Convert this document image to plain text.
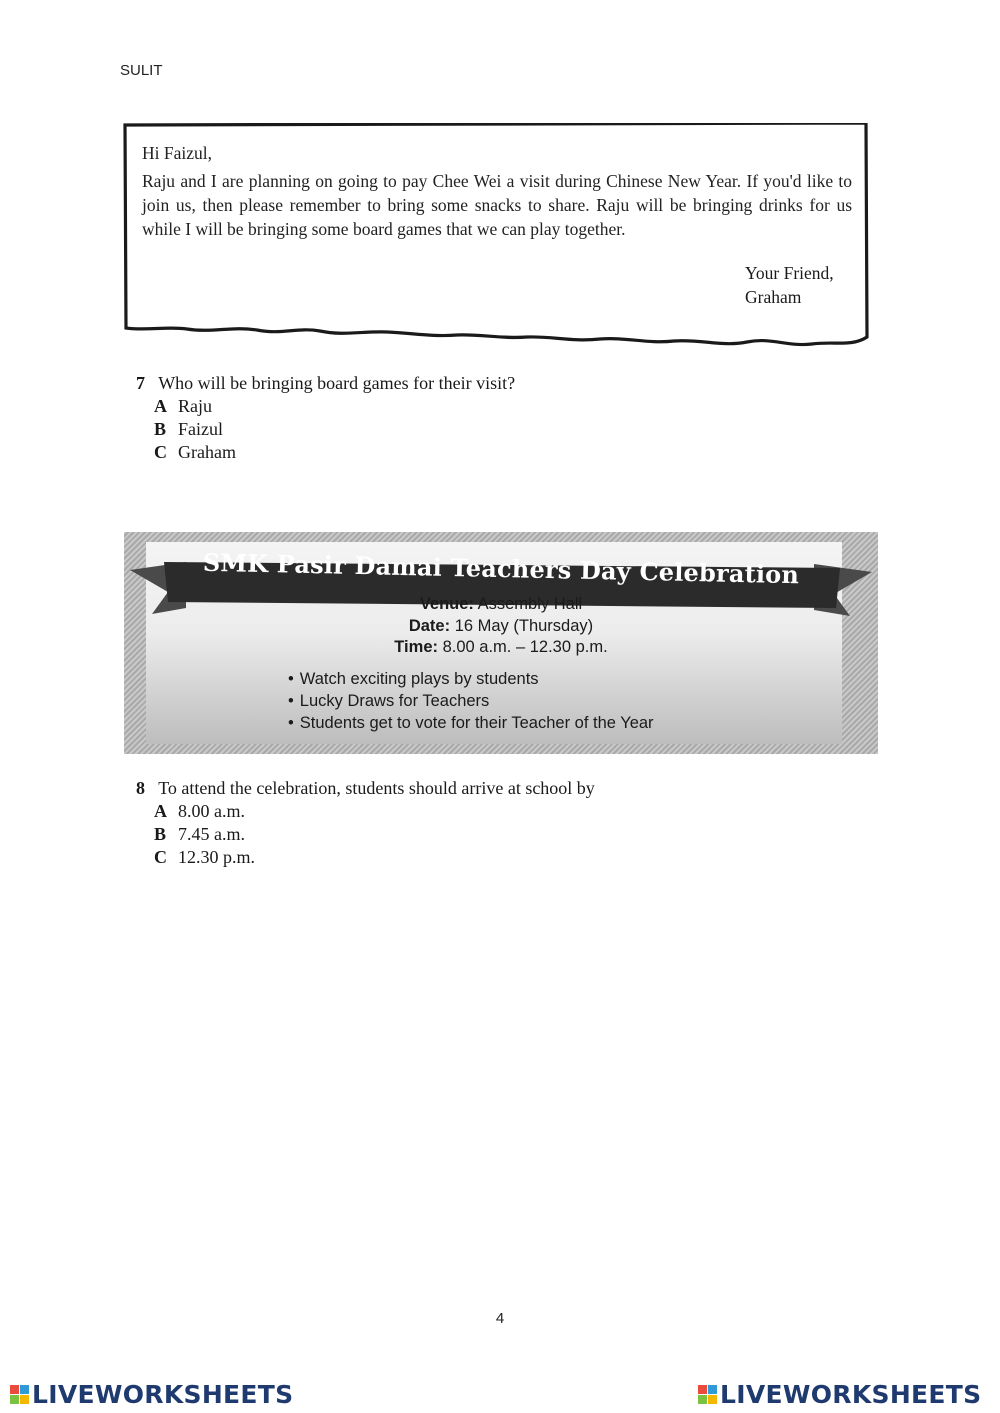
SULIT

Hi Faizul,

Raju and I are planning on going to pay Chee Wei a visit during Chinese New Year. If you'd like to join us, then please remember to bring some snacks to share. Raju will be bringing drinks for us while I will be bringing some board games that we can play together.

Your Friend,
Graham

7 Who will be bringing board games for their visit?

A Raju
B Faizul
C Graham
SMK Pasir Damai Teachers Day Celebration
Venue: Assembly Hall
Date: 16 May (Thursday)
Time: 8.00 a.m. – 12.30 p.m.
• Watch exciting plays by students
• Lucky Draws for Teachers
• Students get to vote for their Teacher of the Year

8 To attend the celebration, students should arrive at school by

A 8.00 a.m.
B 7.45 a.m.
C 12.30 p.m.
4
LIVEWORKSHEETS	LIVEWORKSHEETS
